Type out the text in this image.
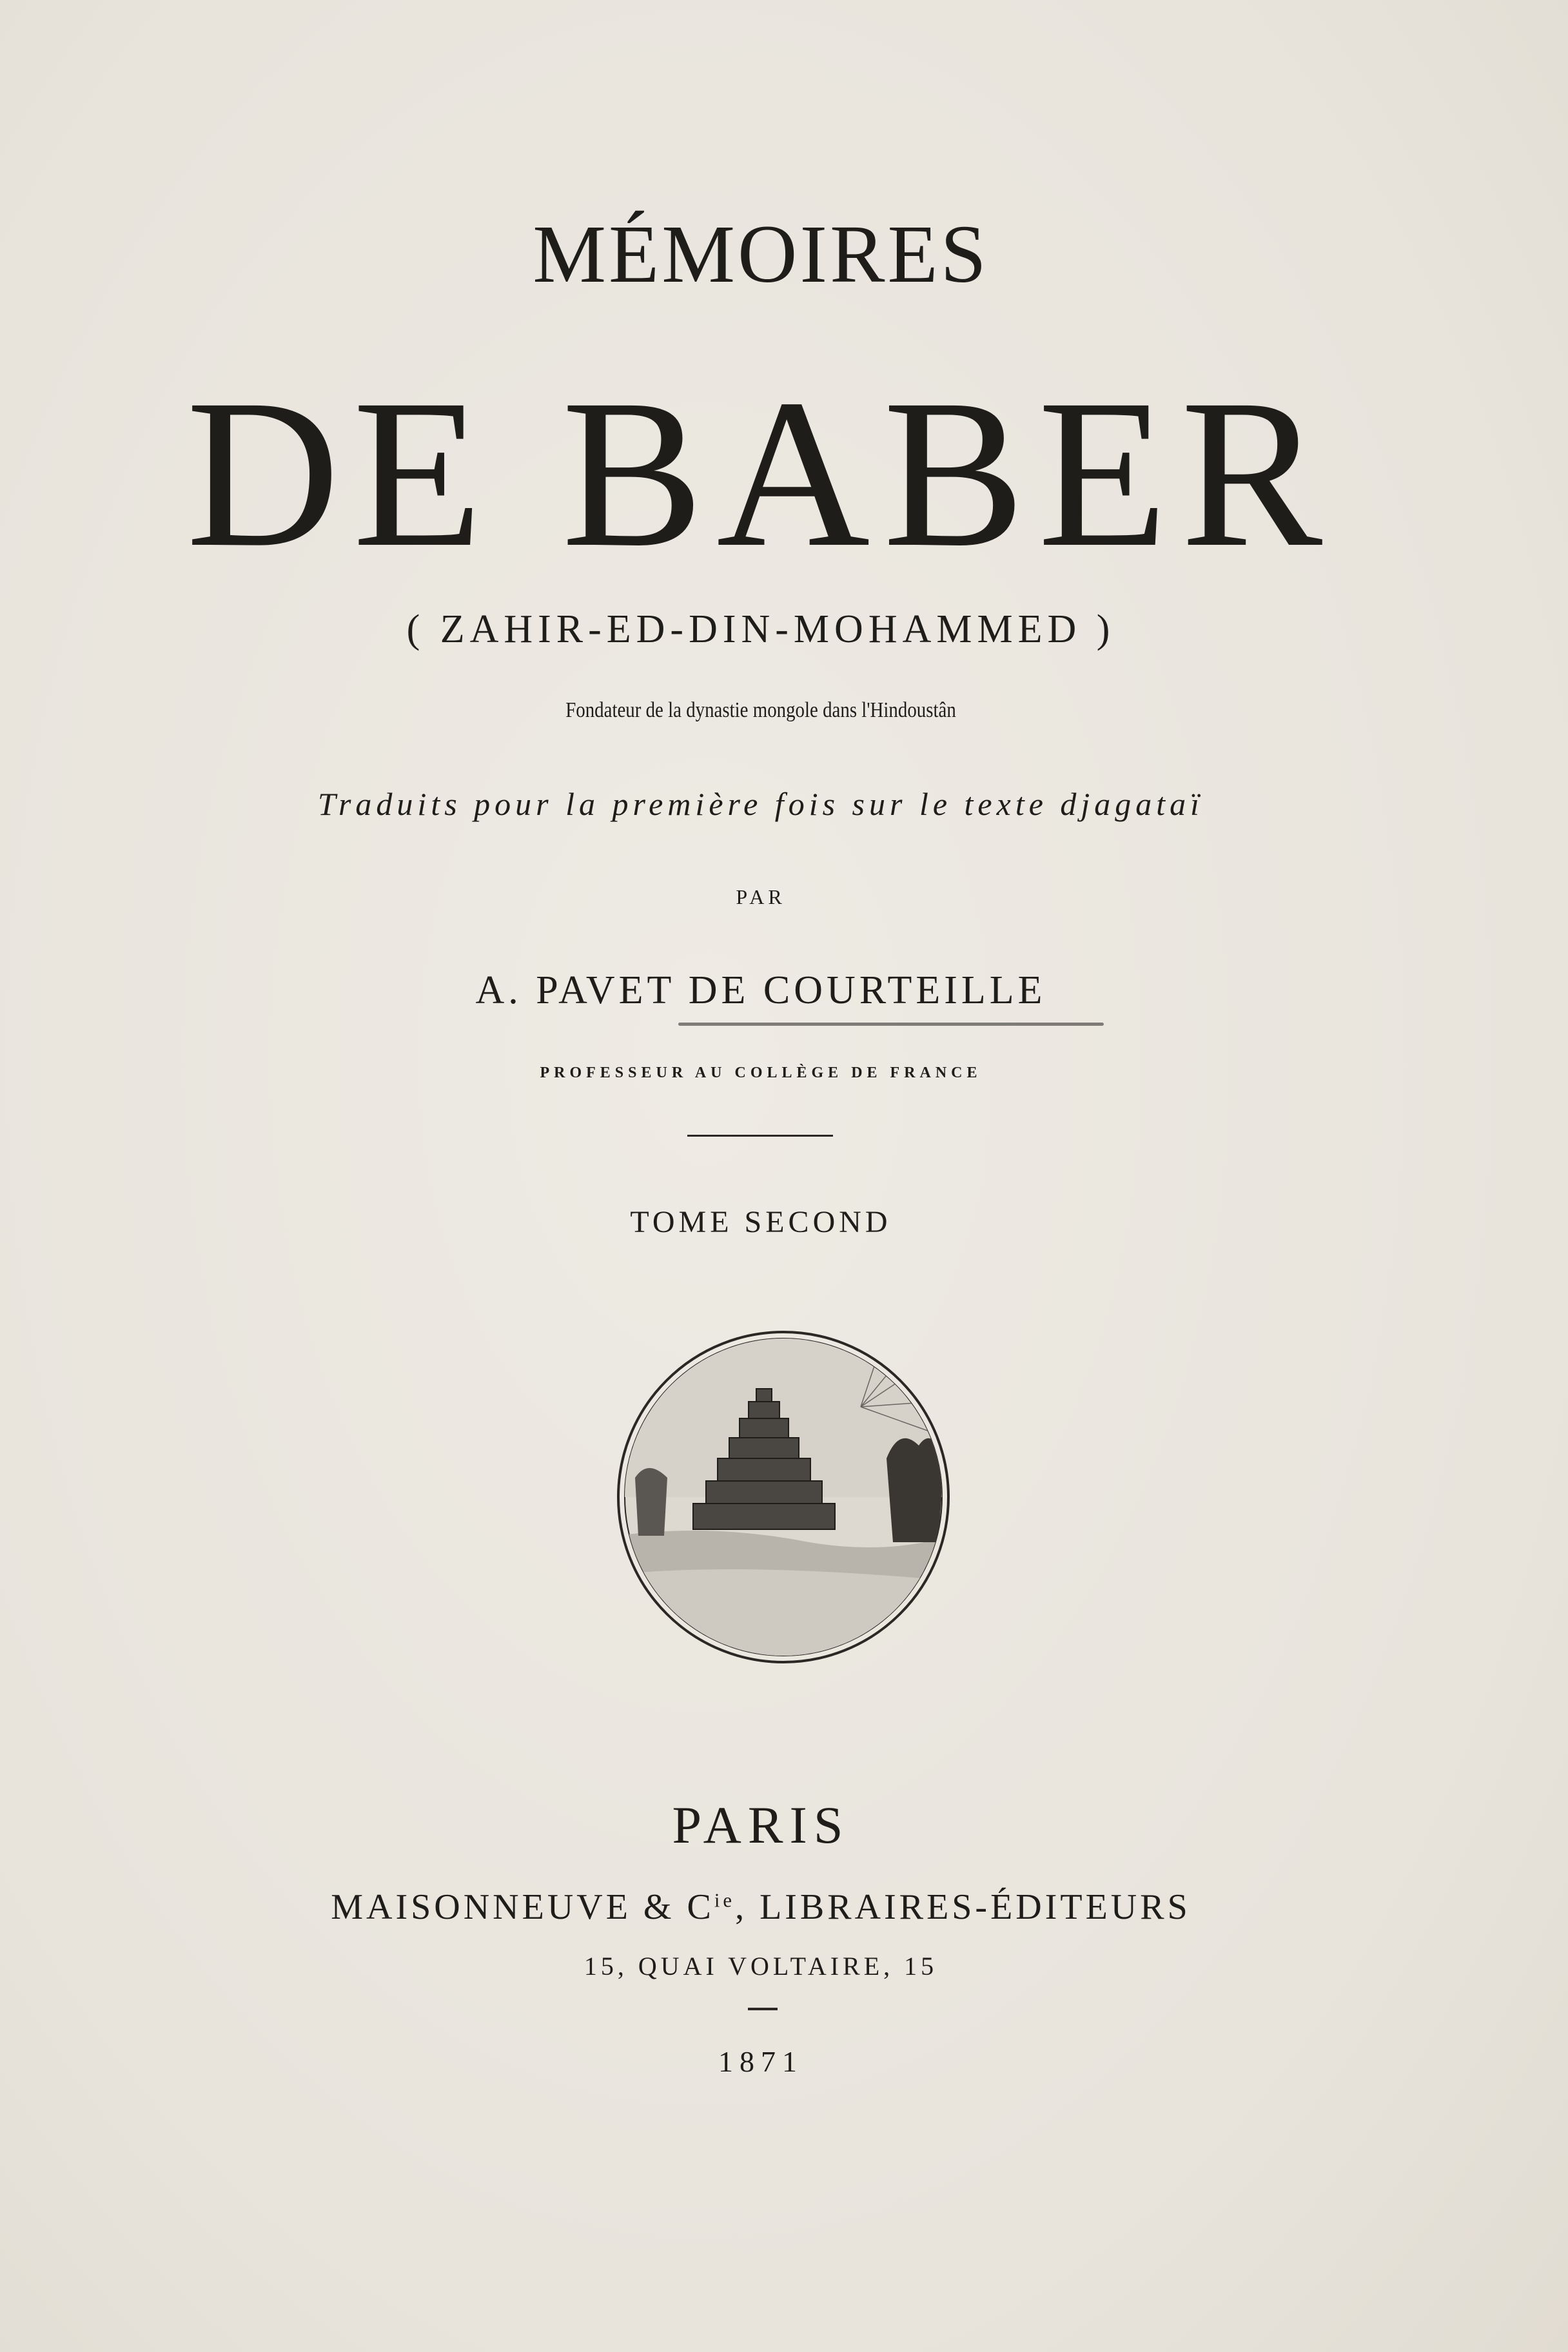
MÉMOIRES
DE BABER
( ZAHIR-ED-DIN-MOHAMMED )
Fondateur de la dynastie mongole dans l'Hindoustân
Traduits pour la première fois sur le texte djagataï
PAR
A. PAVET DE COURTEILLE
PROFESSEUR AU COLLÈGE DE FRANCE
TOME SECOND
PARIS
MAISONNEUVE & $C^{ie}$, LIBRAIRES-ÉDITEURS
15, QUAI VOLTAIRE, 15
1871
